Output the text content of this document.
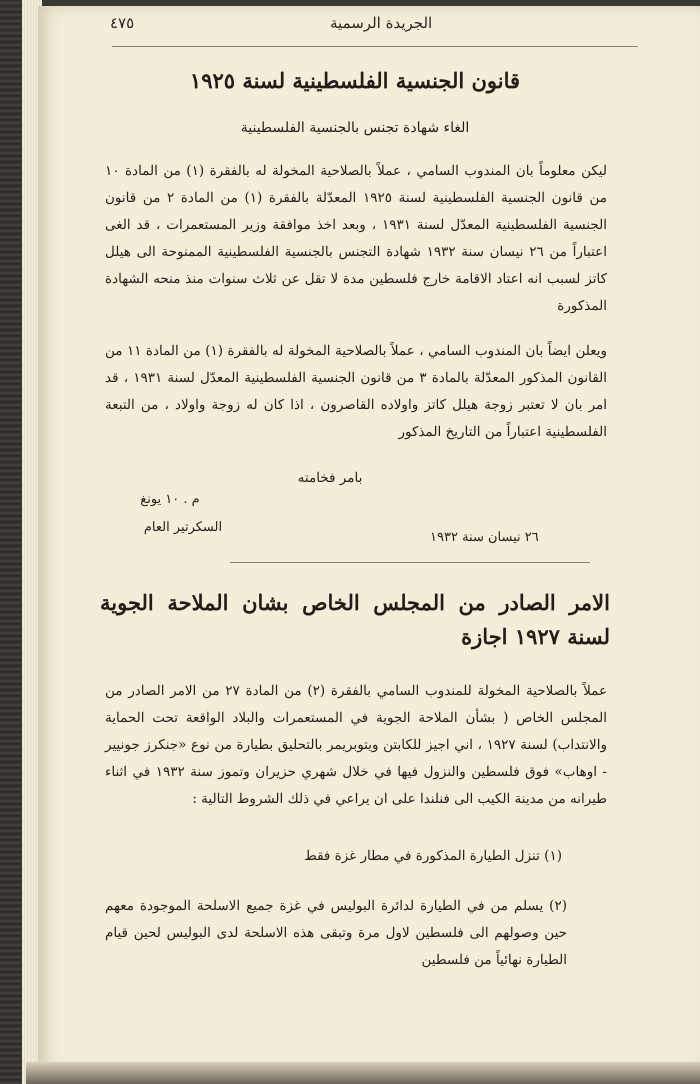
٤٧٥	الجريدة الرسمية
قانون الجنسية الفلسطينية لسنة ١٩٢٥
الغاء شهادة تجنس بالجنسية الفلسطينية
ليكن معلوماً بان المندوب السامي ، عملاً بالصلاحية المخولة له بالفقرة (١) من المادة ١٠ من قانون الجنسية الفلسطينية لسنة ١٩٢٥ المعدّلة بالفقرة (١) من المادة ٢ من قانون الجنسية الفلسطينية المعدّل لسنة ١٩٣١ ، وبعد اخذ موافقة وزير المستعمرات ، قد الغى اعتباراً من ٢٦ نيسان سنة ١٩٣٢ شهادة التجنس بالجنسية الفلسطينية الممنوحة الى هيلل كاتز لسبب انه اعتاد الاقامة خارج فلسطين مدة لا تقل عن ثلاث سنوات منذ منحه الشهادة المذكورة
ويعلن ايضاً بان المندوب السامي ، عملاً بالصلاحية المخولة له بالفقرة (١) من المادة ١١ من القانون المذكور المعدّلة بالمادة ٣ من قانون الجنسية الفلسطينية المعدّل لسنة ١٩٣١ ، قد امر بان لا تعتبر زوجة هيلل كاتز واولاده القاصرون ، اذا كان له زوجة واولاد ، من التبعة الفلسطينية اعتباراً من التاريخ المذكور
بامر فخامته
م . ١٠ يونغ
السكرتير العام
٢٦ نيسان سنة ١٩٣٢
الامر الصادر من المجلس الخاص بشان الملاحة الجوية لسنة ١٩٢٧ اجازة
عملاً بالصلاحية المخولة للمندوب السامي بالفقرة (٢) من المادة ٢٧ من الامر الصادر من المجلس الخاص ( بشأن الملاحة الجوية في المستعمرات والبلاد الواقعة تحت الحماية والانتداب) لسنة ١٩٢٧ ، اني اجيز للكابتن ويتوبريمر بالتحليق بطيارة من نوع «جنكرز جونيير - اوهاب» فوق فلسطين والنزول فيها في خلال شهري حزيران وتموز سنة ١٩٣٢ في اثناء طيرانه من مدينة الكيب الى فنلندا على ان يراعي في ذلك الشروط التالية :
(١) تنزل الطيارة المذكورة في مطار غزة فقط
(٢) يسلم من في الطيارة لدائرة البوليس في غزة جميع الاسلحة الموجودة معهم حين وصولهم الى فلسطين لاول مرة وتبقى هذه الاسلحة لدى البوليس لحين قيام الطيارة نهائياً من فلسطين
